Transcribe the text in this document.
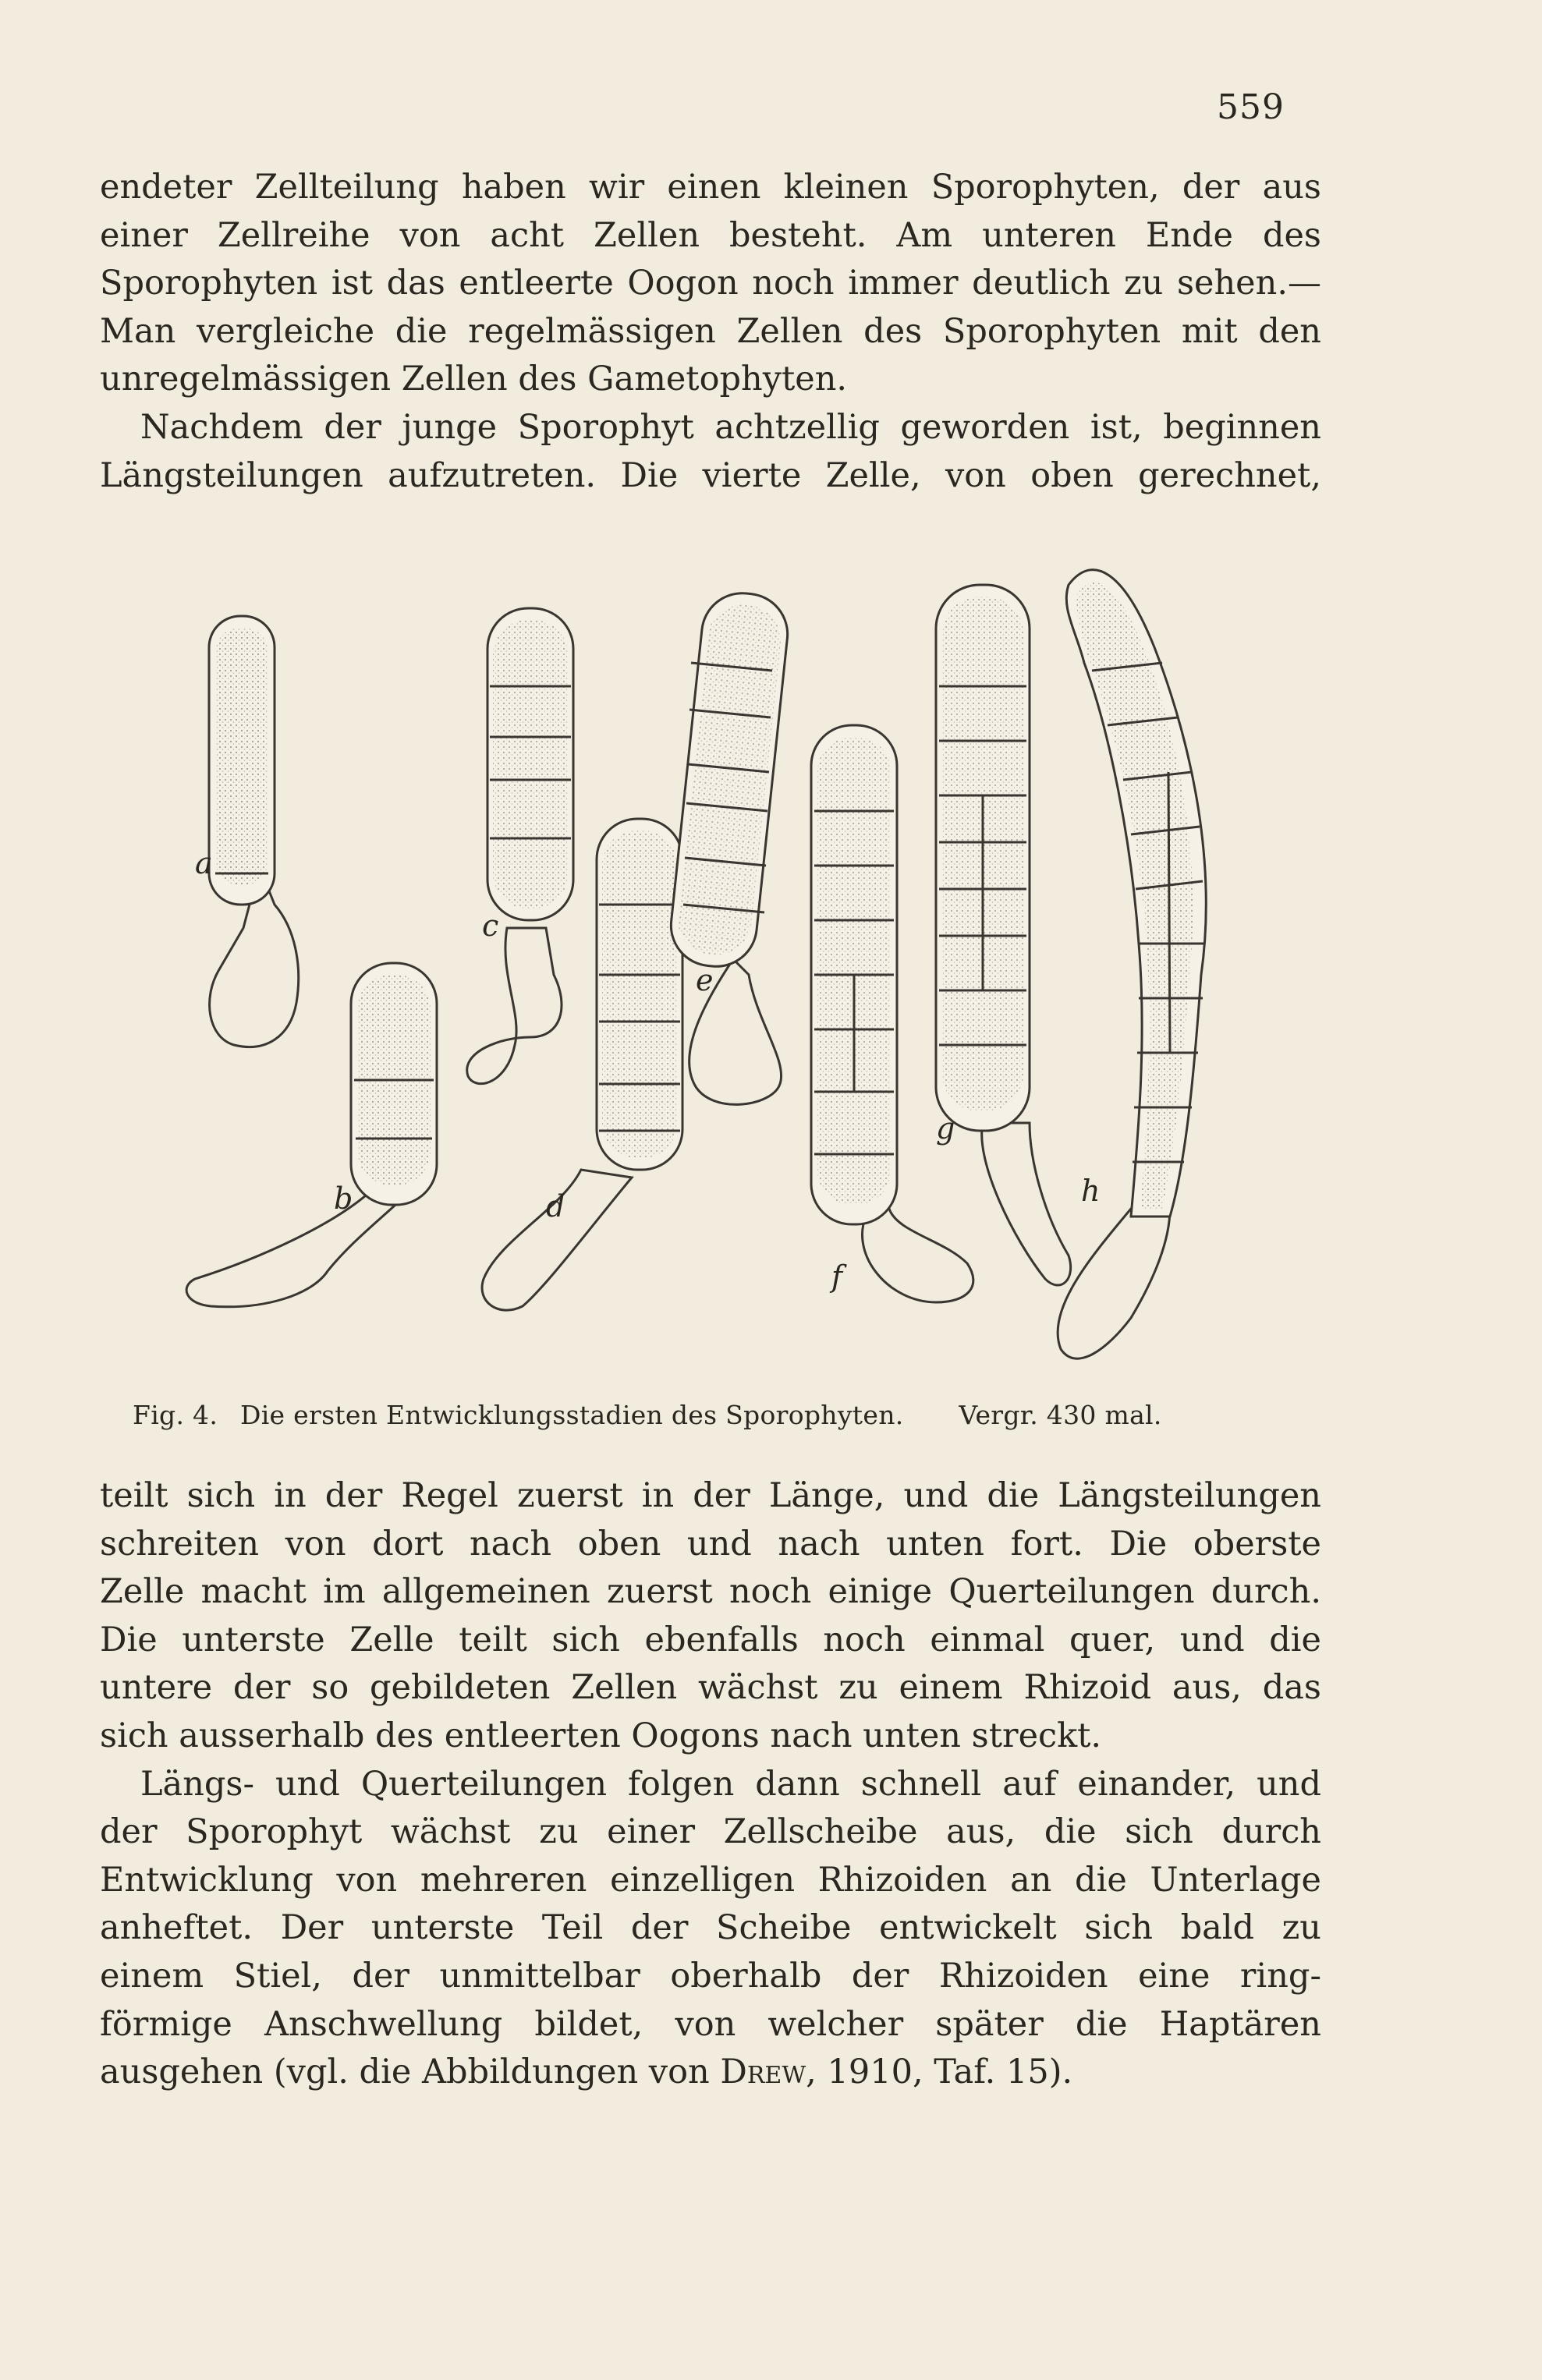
559

endeter Zellteilung haben wir einen kleinen Sporophyten, der aus
einer Zellreihe von acht Zellen besteht. Am unteren Ende des
Sporophyten ist das entleerte Oogon noch immer deutlich zu sehen.—
Man vergleiche die regelmässigen Zellen des Sporophyten mit den
unregelmässigen Zellen des Gametophyten.

Nachdem der junge Sporophyt achtzellig geworden ist, beginnen
Längsteilungen aufzutreten. Die vierte Zelle, von oben gerechnet,

a
b
c
d
e
f
g
h
Fig. 4. Die ersten Entwicklungsstadien des Sporophyten. Vergr. 430 mal.

teilt sich in der Regel zuerst in der Länge, und die Längsteilungen
schreiten von dort nach oben und nach unten fort. Die oberste
Zelle macht im allgemeinen zuerst noch einige Querteilungen durch.
Die unterste Zelle teilt sich ebenfalls noch einmal quer, und die
untere der so gebildeten Zellen wächst zu einem Rhizoid aus, das
sich ausserhalb des entleerten Oogons nach unten streckt.

Längs- und Querteilungen folgen dann schnell auf einander, und
der Sporophyt wächst zu einer Zellscheibe aus, die sich durch
Entwicklung von mehreren einzelligen Rhizoiden an die Unterlage
anheftet. Der unterste Teil der Scheibe entwickelt sich bald zu
einem Stiel, der unmittelbar oberhalb der Rhizoiden eine ring-
förmige Anschwellung bildet, von welcher später die Haptären
ausgehen (vgl. die Abbildungen von Drew, 1910, Taf. 15).
